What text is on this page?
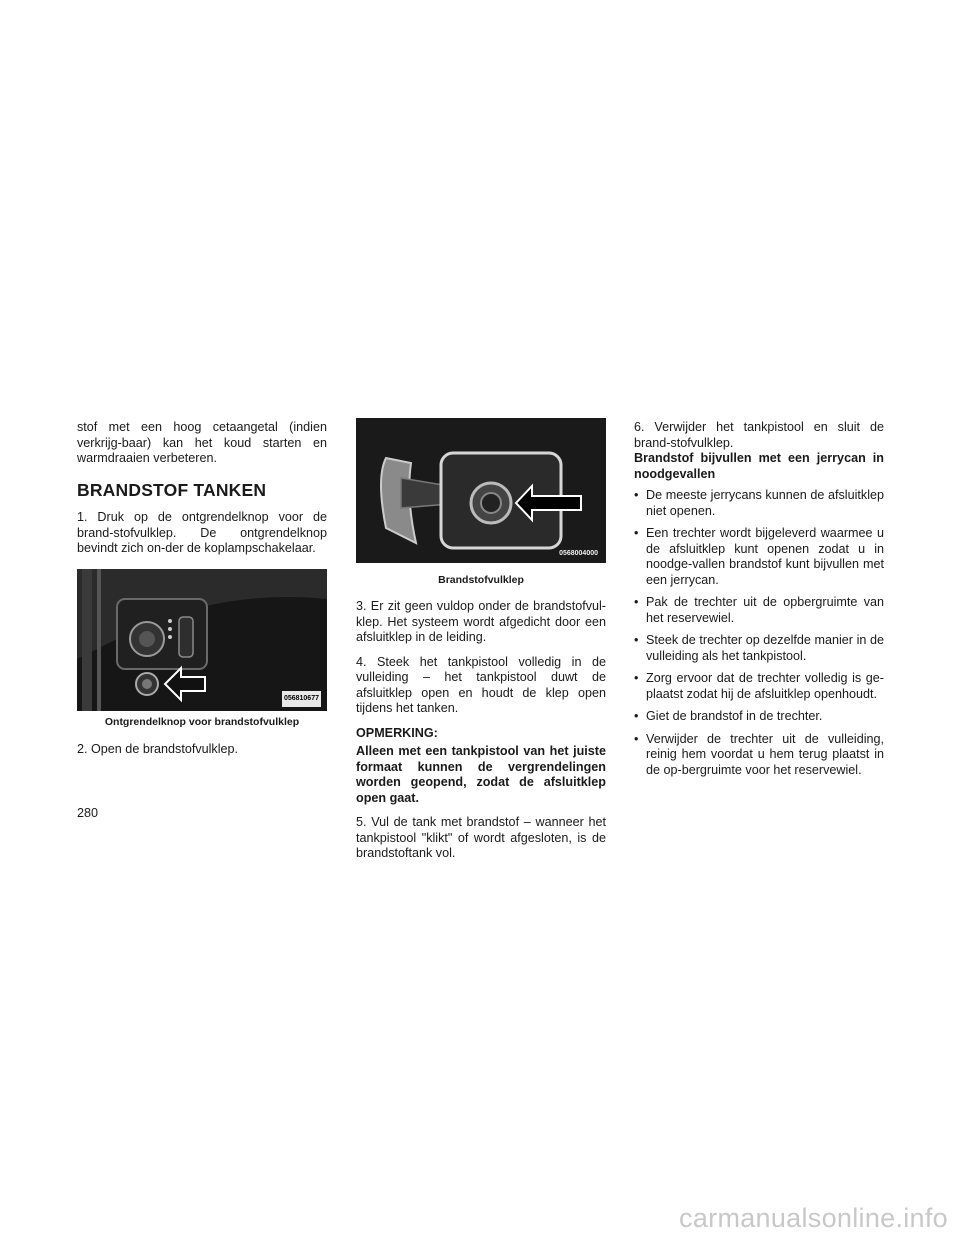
stof met een hoog cetaangetal (indien verkrijg-baar) kan het koud starten en warmdraaien verbeteren.

BRANDSTOF TANKEN

1. Druk op de ontgrendelknop voor de brand-stofvulklep. De ontgrendelknop bevindt zich on-der de koplampschakelaar.

056810677
Ontgrendelknop voor brandstofvulklep

2. Open de brandstofvulklep.

0568004000
Brandstofvulklep

3. Er zit geen vuldop onder de brandstofvul-klep. Het systeem wordt afgedicht door een afsluitklep in de leiding.

4. Steek het tankpistool volledig in de vulleiding – het tankpistool duwt de afsluitklep open en houdt de klep open tijdens het tanken.

OPMERKING:

Alleen met een tankpistool van het juiste formaat kunnen de vergrendelingen worden geopend, zodat de afsluitklep open gaat.

5. Vul de tank met brandstof – wanneer het tankpistool "klikt" of wordt afgesloten, is de brandstoftank vol.

6. Verwijder het tankpistool en sluit de brand-stofvulklep.

Brandstof bijvullen met een jerrycan in noodgevallen

• De meeste jerrycans kunnen de afsluitklep niet openen.
• Een trechter wordt bijgeleverd waarmee u de afsluitklep kunt openen zodat u in noodge-vallen brandstof kunt bijvullen met een jerrycan.
• Pak de trechter uit de opbergruimte van het reservewiel.
• Steek de trechter op dezelfde manier in de vulleiding als het tankpistool.
• Zorg ervoor dat de trechter volledig is ge-plaatst zodat hij de afsluitklep openhoudt.
• Giet de brandstof in de trechter.
• Verwijder de trechter uit de vulleiding, reinig hem voordat u hem terug plaatst in de op-bergruimte voor het reservewiel.
280
carmanualsonline.info
